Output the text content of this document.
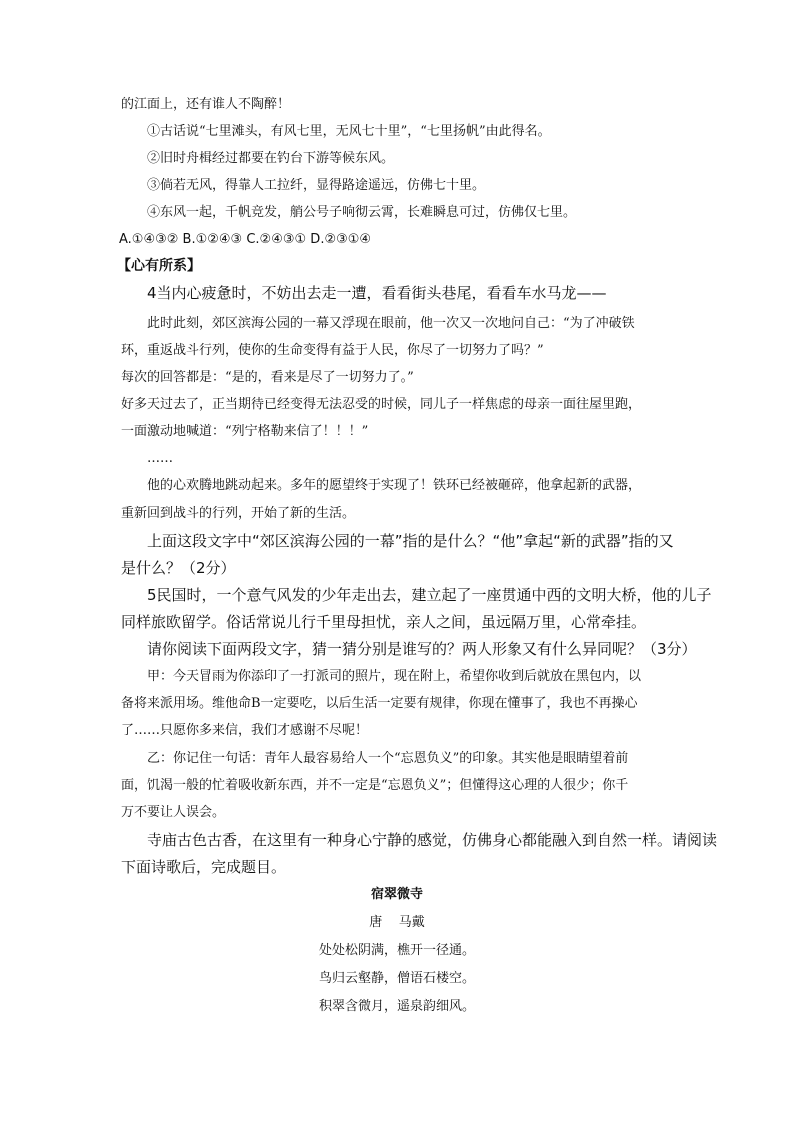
的江面上，还有谁人不陶醉！
①古话说“七里滩头，有风七里，无风七十里”，“七里扬帆”由此得名。
②旧时舟楫经过都要在钓台下游等候东风。
③倘若无风，得靠人工拉纤，显得路途遥远，仿佛七十里。
④东风一起，千帆竞发，艄公号子响彻云霄，长难瞬息可过，仿佛仅七里。
A.①④③② B.①②④③ C.②④③① D.②③①④
【心有所系】
4当内心疲惫时，不妨出去走一遭，看看街头巷尾，看看车水马龙——
此时此刻，郊区滨海公园的一幕又浮现在眼前，他一次又一次地问自己：“为了冲破铁
环，重返战斗行列，使你的生命变得有益于人民，你尽了一切努力了吗？”
每次的回答都是：“是的，看来是尽了一切努力了。”
好多天过去了，正当期待已经变得无法忍受的时候，同儿子一样焦虑的母亲一面往屋里跑，
一面激动地喊道：“列宁格勒来信了！！！”
……
他的心欢腾地跳动起来。多年的愿望终于实现了！铁环已经被砸碎，他拿起新的武器，
重新回到战斗的行列，开始了新的生活。
上面这段文字中“郊区滨海公园的一幕”指的是什么？“他”拿起“新的武器”指的又
是什么？（2分）
5民国时，一个意气风发的少年走出去，建立起了一座贯通中西的文明大桥，他的儿子
同样旅欧留学。俗话常说儿行千里母担忧，亲人之间，虽远隔万里，心常牵挂。
请你阅读下面两段文字，猜一猜分别是谁写的？两人形象又有什么异同呢？（3分）
甲：今天冒雨为你添印了一打派司的照片，现在附上，希望你收到后就放在黑包内，以
备将来派用场。维他命B一定要吃，以后生活一定要有规律，你现在懂事了，我也不再操心
了……只愿你多来信，我们才感谢不尽呢！
乙：你记住一句话：青年人最容易给人一个“忘恩负义”的印象。其实他是眼睛望着前
面，饥渴一般的忙着吸收新东西，并不一定是“忘恩负义”；但懂得这心理的人很少；你千
万不要让人误会。
寺庙古色古香，在这里有一种身心宁静的感觉，仿佛身心都能融入到自然一样。请阅读
下面诗歌后，完成题目。
宿翠微寺
唐    马戴
处处松阴满，樵开一径通。
鸟归云壑静，僧语石楼空。
积翠含微月，遥泉韵细风。
